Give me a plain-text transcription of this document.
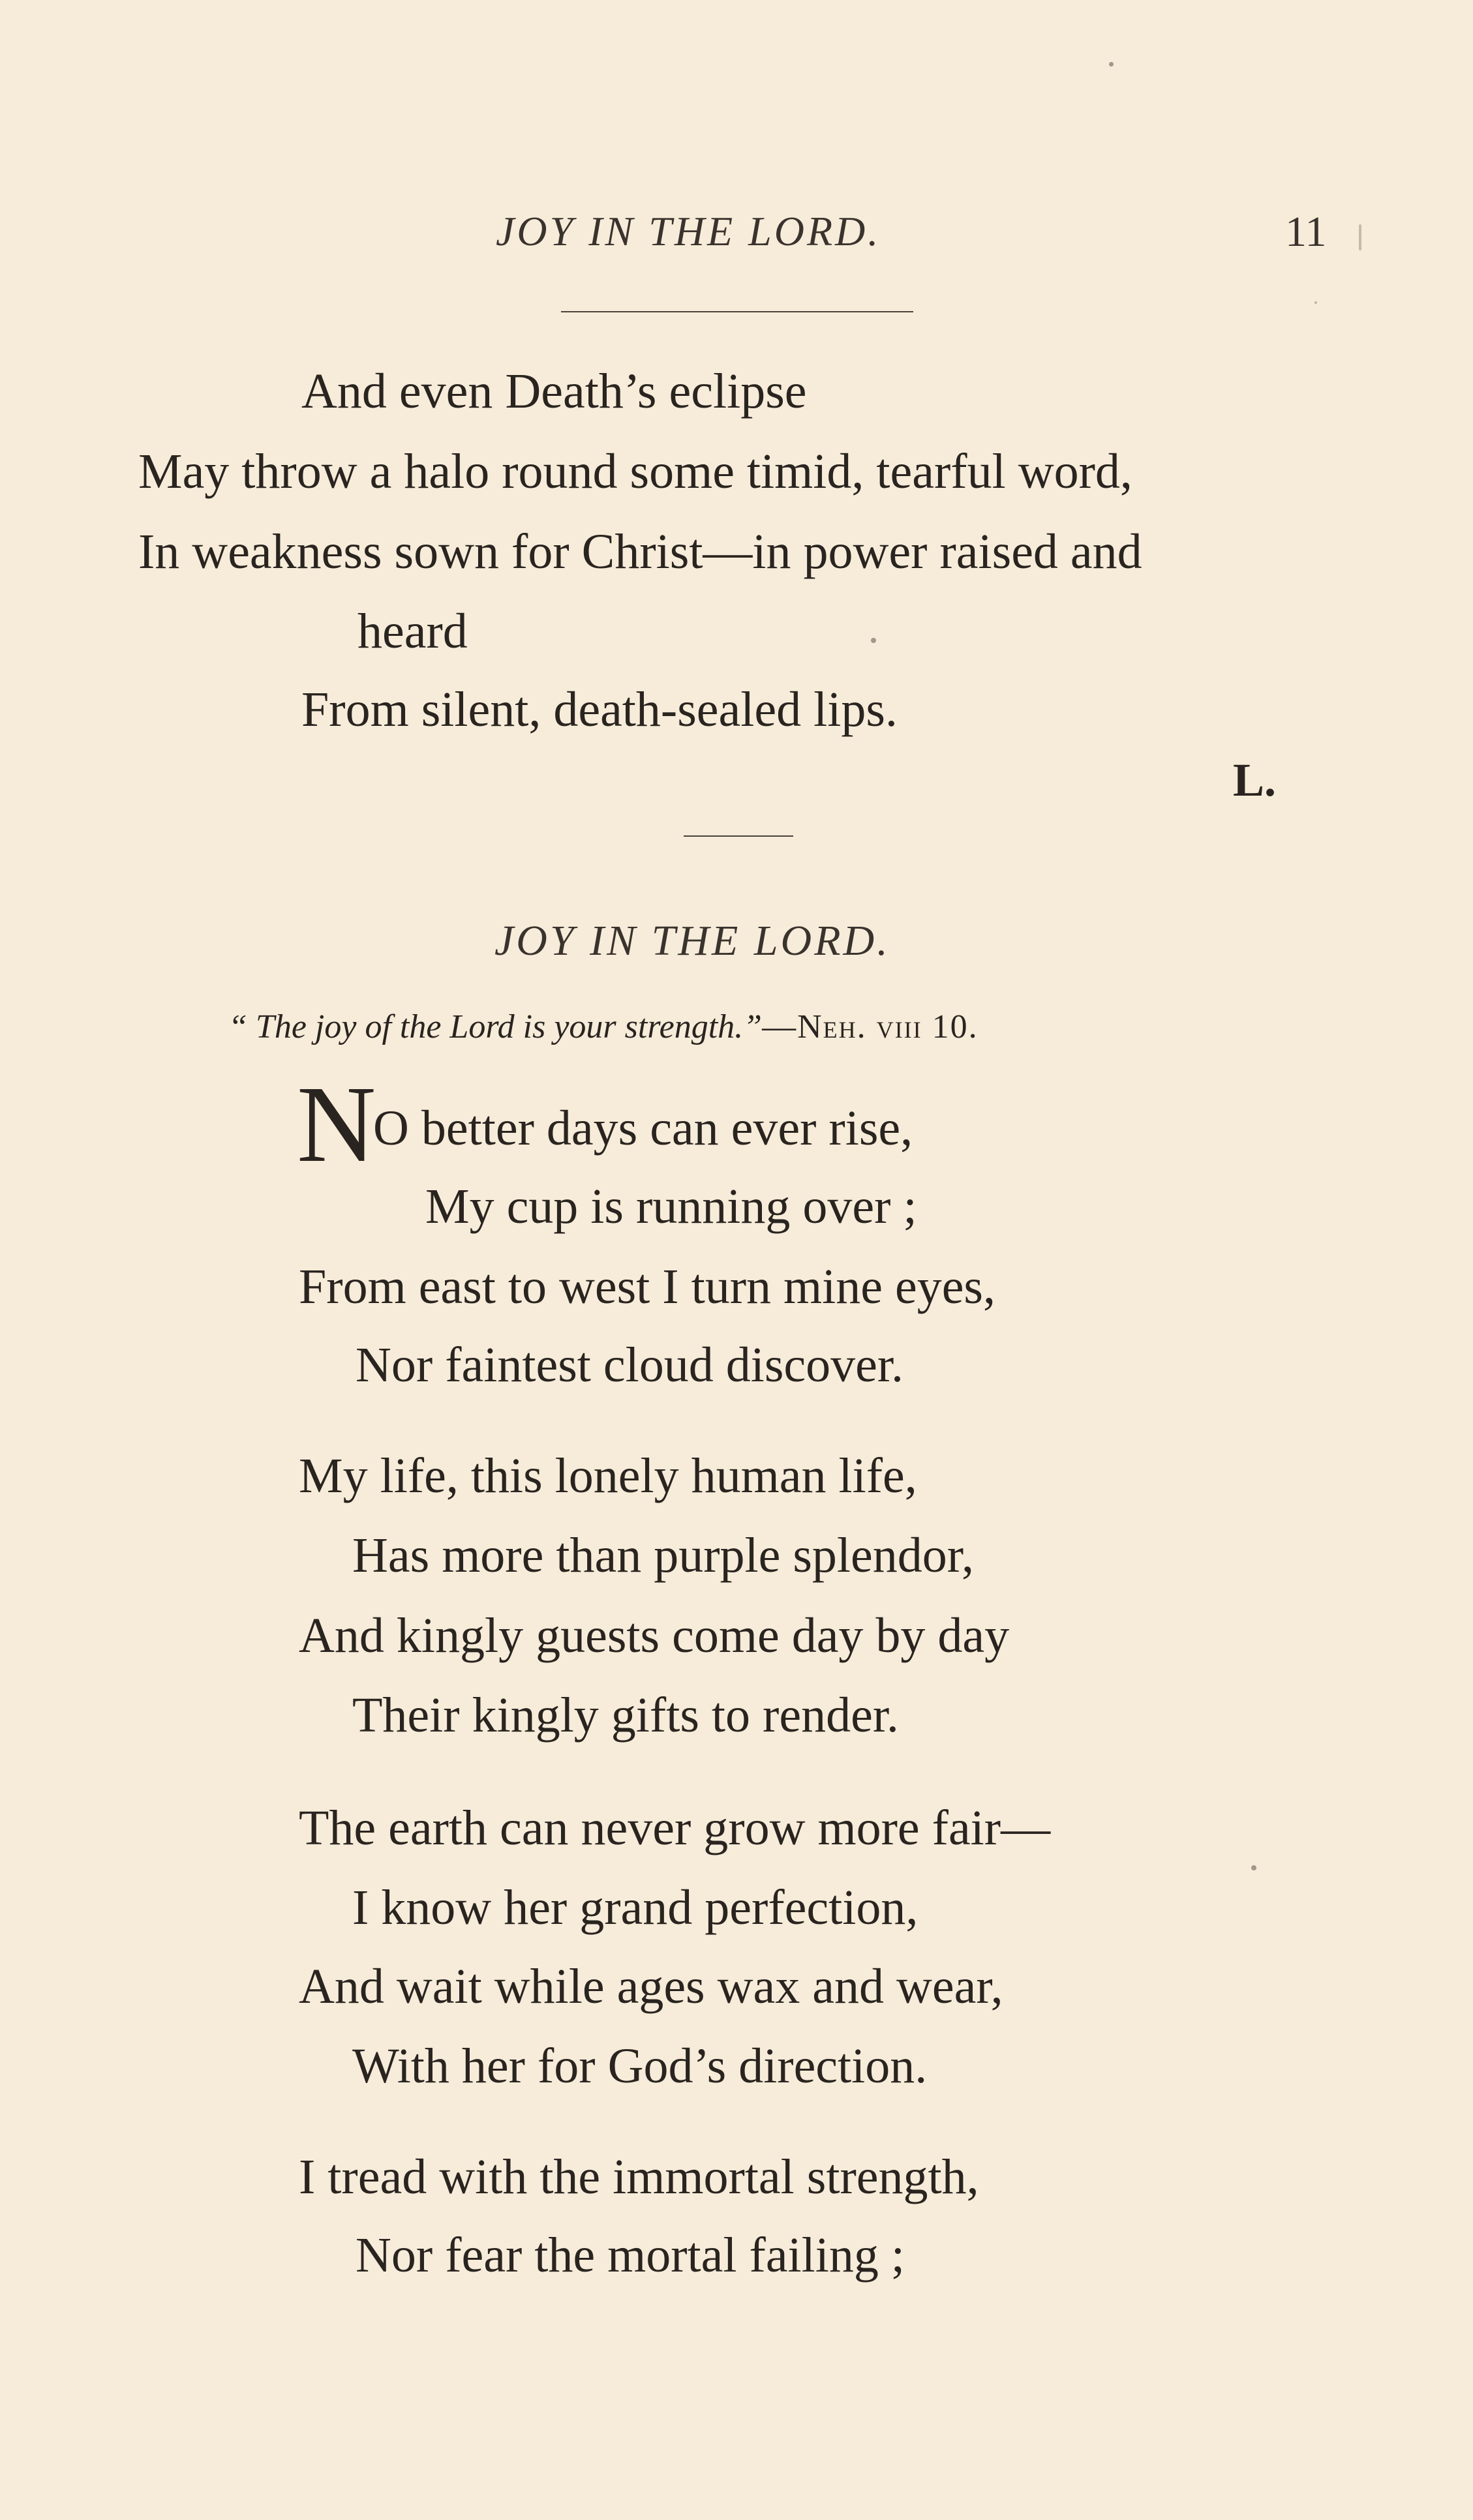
JOY IN THE LORD.	11
And even Death’s eclipse
May throw a halo round some timid, tearful word,
In weakness sown for Christ—in power raised and
heard
From silent, death-sealed lips.
L.
JOY IN THE LORD.
“ The joy of the Lord is your strength.”—Neh. viii 10.
N
O better days can ever rise,
My cup is running over ;
From east to west I turn mine eyes,
Nor faintest cloud discover.
My life, this lonely human life,
Has more than purple splendor,
And kingly guests come day by day
Their kingly gifts to render.
The earth can never grow more fair—
I know her grand perfection,
And wait while ages wax and wear,
With her for God’s direction.
I tread with the immortal strength,
Nor fear the mortal failing ;
